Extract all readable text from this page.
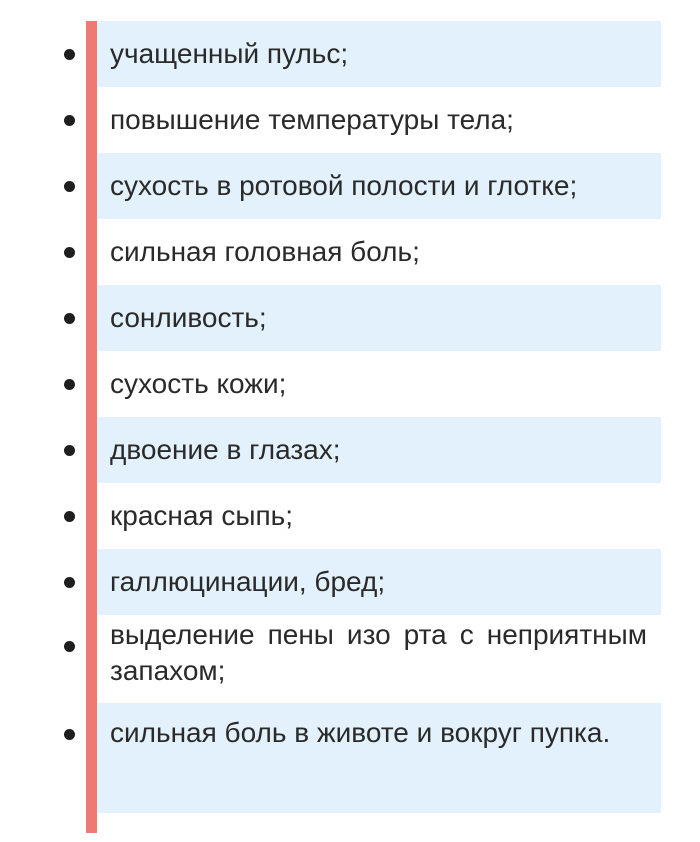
учащенный пульс;
повышение температуры тела;
сухость в ротовой полости и глотке;
сильная головная боль;
сонливость;
сухость кожи;
двоение в глазах;
красная сыпь;
галлюцинации, бред;
выделение пены изо рта с неприятным запахом;
сильная боль в животе и вокруг пупка.
